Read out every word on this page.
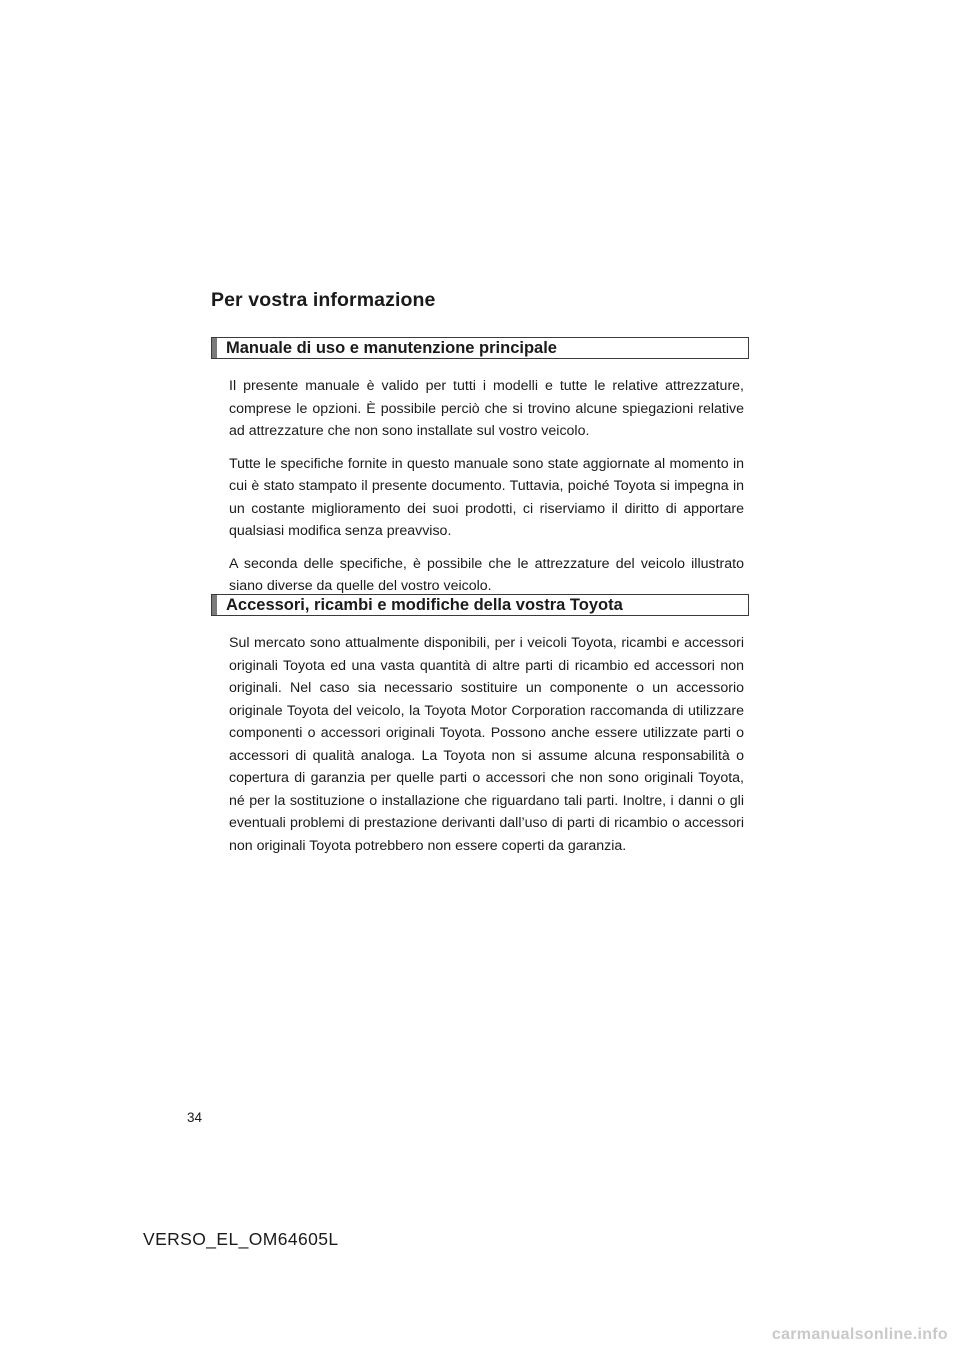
Per vostra informazione
Manuale di uso e manutenzione principale

Il presente manuale è valido per tutti i modelli e tutte le relative attrezzature, comprese le opzioni. È possibile perciò che si trovino alcune spiegazioni relative ad attrezzature che non sono installate sul vostro veicolo.

Tutte le specifiche fornite in questo manuale sono state aggiornate al momento in cui è stato stampato il presente documento. Tuttavia, poiché Toyota si impegna in un costante miglioramento dei suoi prodotti, ci riserviamo il diritto di apportare qualsiasi modifica senza preavviso.

A seconda delle specifiche, è possibile che le attrezzature del veicolo illustrato siano diverse da quelle del vostro veicolo.

Accessori, ricambi e modifiche della vostra Toyota

Sul mercato sono attualmente disponibili, per i veicoli Toyota, ricambi e accessori originali Toyota ed una vasta quantità di altre parti di ricambio ed accessori non originali. Nel caso sia necessario sostituire un componente o un accessorio originale Toyota del veicolo, la Toyota Motor Corporation raccomanda di utilizzare componenti o accessori originali Toyota. Possono anche essere utilizzate parti o accessori di qualità analoga. La Toyota non si assume alcuna responsabilità o copertura di garanzia per quelle parti o accessori che non sono originali Toyota, né per la sostituzione o installazione che riguardano tali parti. Inoltre, i danni o gli eventuali problemi di prestazione derivanti dall’uso di parti di ricambio o accessori non originali Toyota potrebbero non essere coperti da garanzia.

34
VERSO_EL_OM64605L
carmanualsonline.info
